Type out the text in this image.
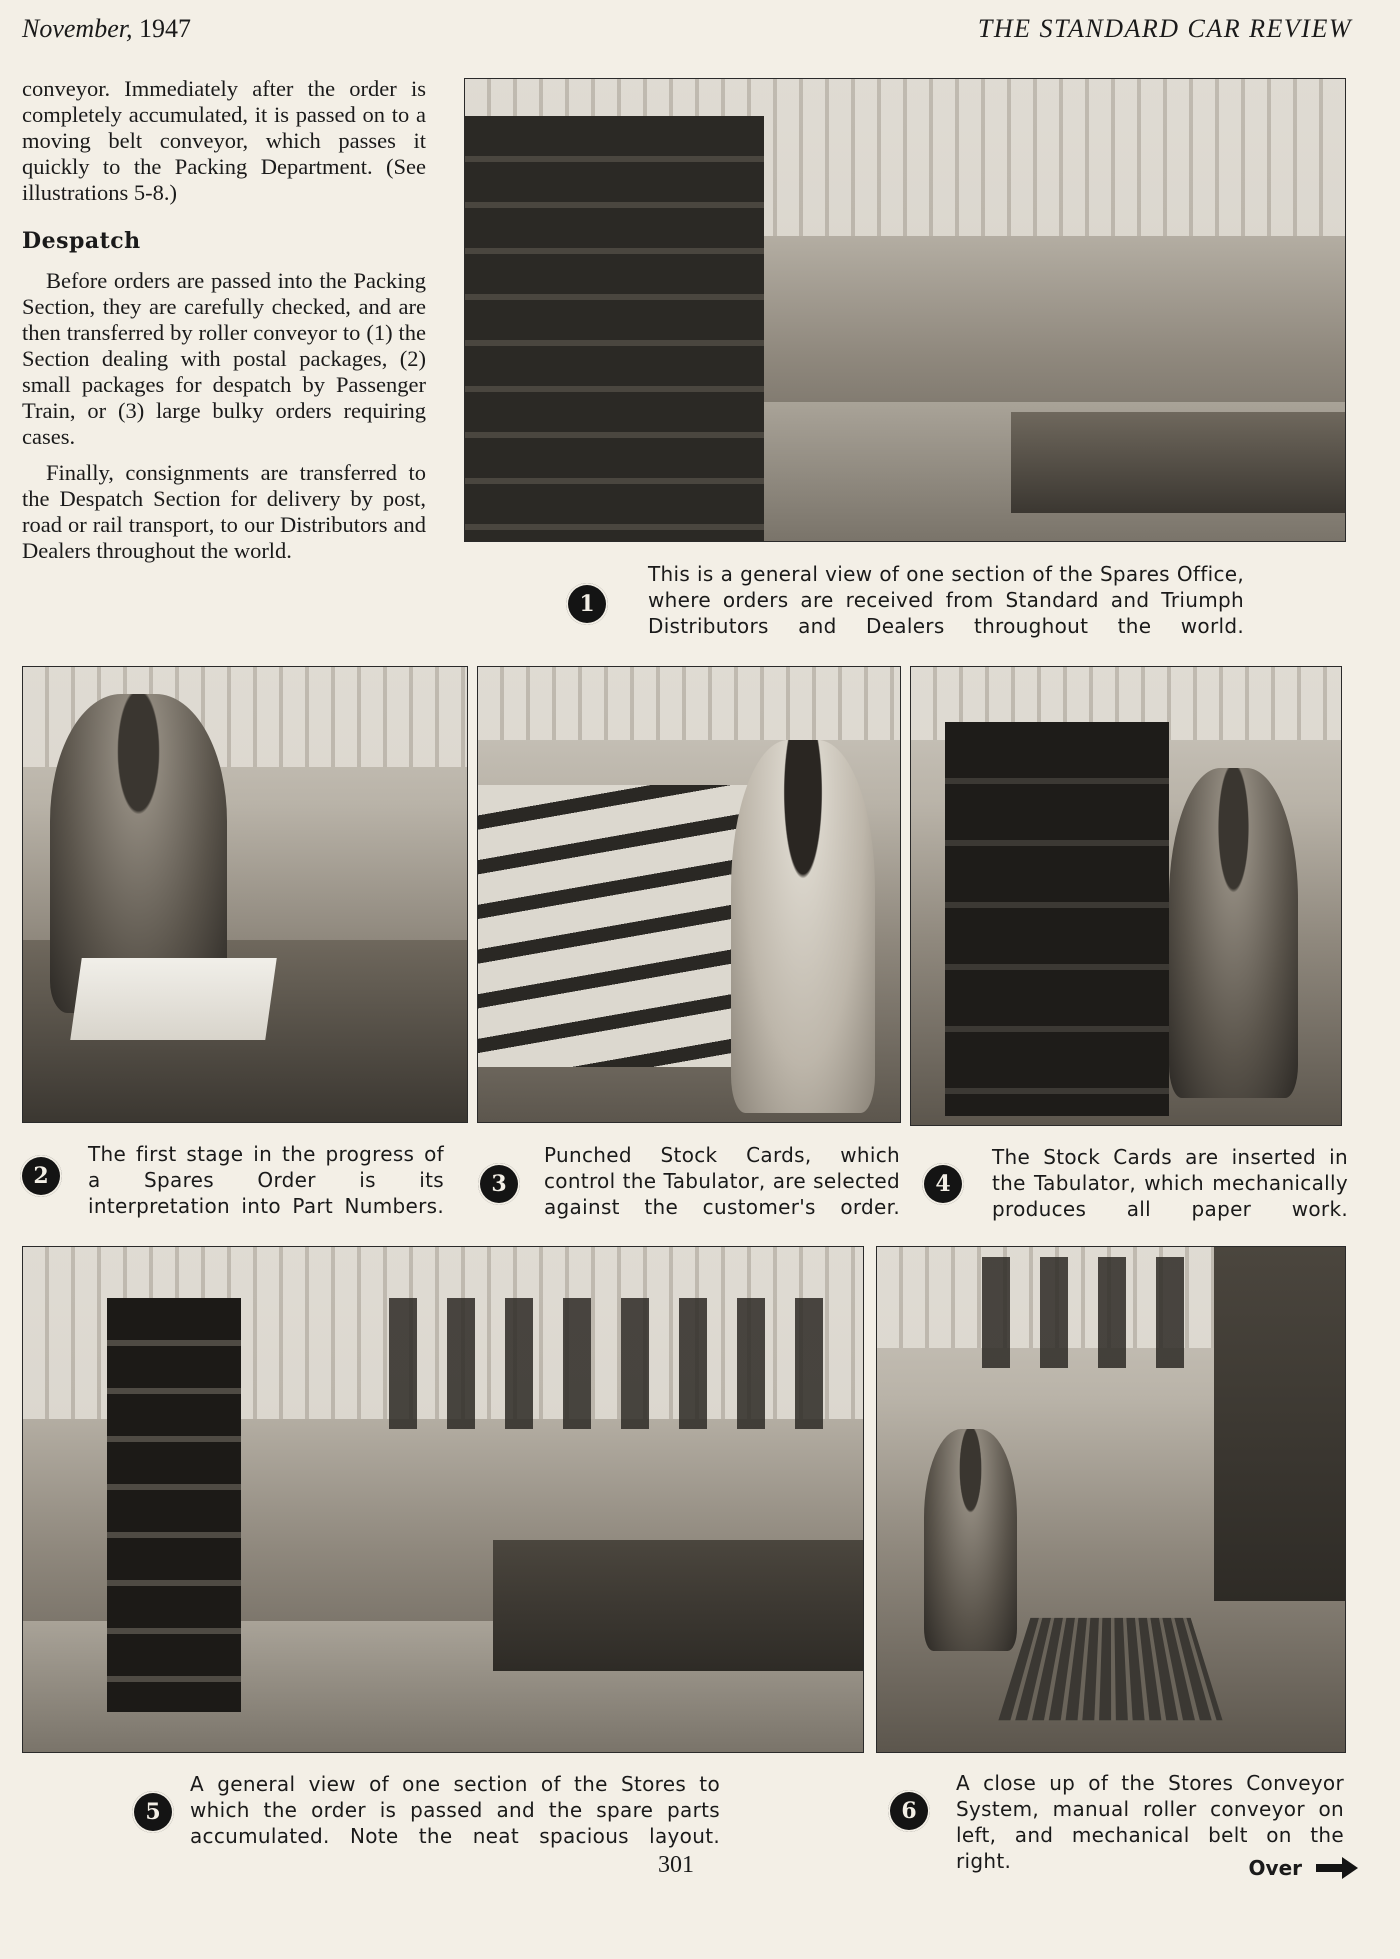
November, 1947	THE STANDARD CAR REVIEW

conveyor. Immediately after the order is completely accumulated, it is passed on to a moving belt conveyor, which passes it quickly to the Packing Department. (See illustrations 5-8.)

Despatch

Before orders are passed into the Packing Section, they are carefully checked, and are then transferred by roller conveyor to (1) the Section dealing with postal packages, (2) small packages for despatch by Passenger Train, or (3) large bulky orders requiring cases.

Finally, consignments are transferred to the Despatch Section for delivery by post, road or rail transport, to our Distributors and Dealers throughout the world.

1
This is a general view of one section of the Spares Office, where orders are received from Standard and Triumph Distributors and Dealers throughout the world.
2
The first stage in the progress of a Spares Order is its interpretation into Part Numbers.
3
Punched Stock Cards, which control the Tabulator, are selected against the customer's order.
4
The Stock Cards are inserted in the Tabulator, which mechanically produces all paper work.
5
A general view of one section of the Stores to which the order is passed and the spare parts accumulated. Note the neat spacious layout.
6
A close up of the Stores Conveyor System, manual roller conveyor on left, and mechanical belt on the right.
301	Over
